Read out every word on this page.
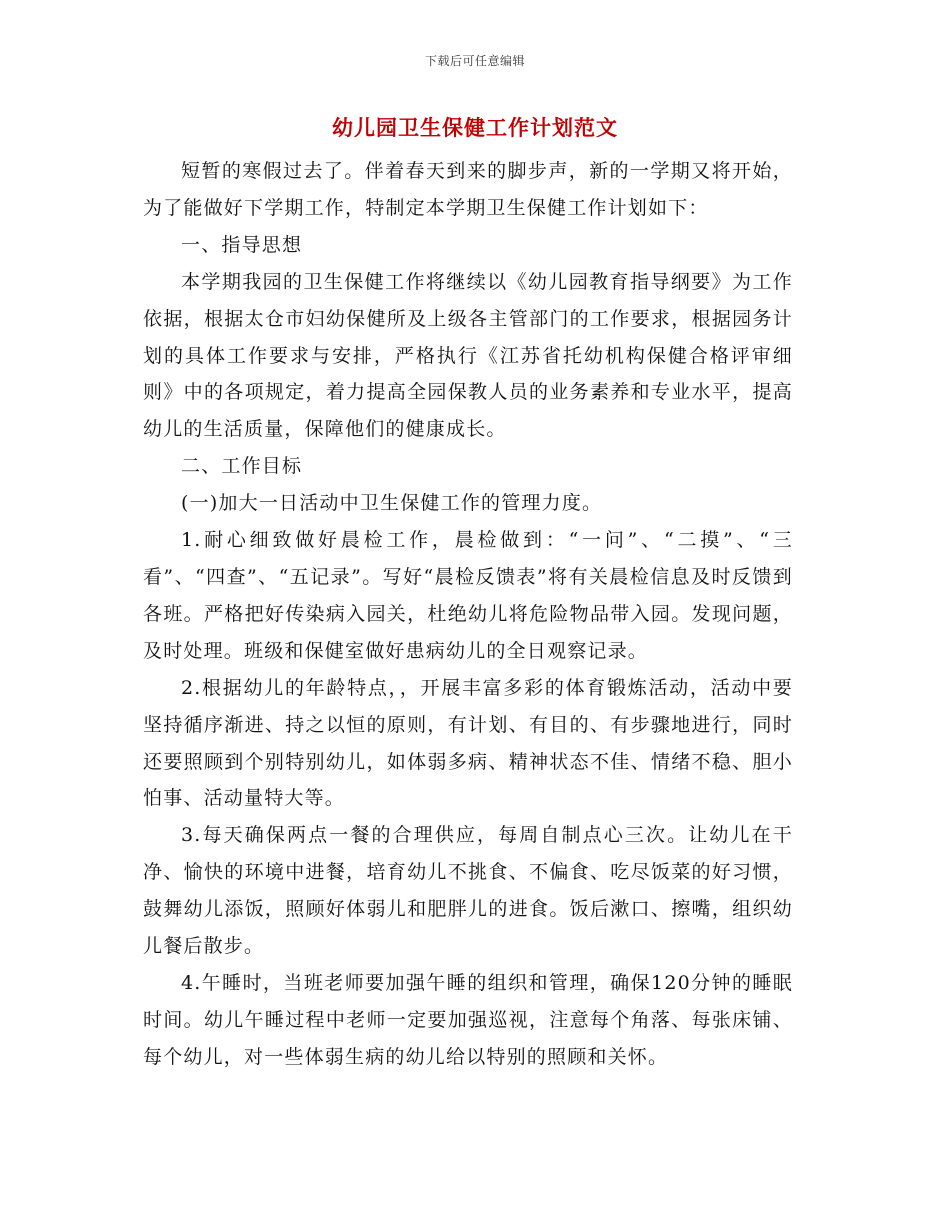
下载后可任意编辑
幼儿园卫生保健工作计划范文

短暂的寒假过去了。伴着春天到来的脚步声，新的一学期又将开始，为了能做好下学期工作，特制定本学期卫生保健工作计划如下：

一、指导思想

本学期我园的卫生保健工作将继续以《幼儿园教育指导纲要》为工作依据，根据太仓市妇幼保健所及上级各主管部门的工作要求，根据园务计划的具体工作要求与安排，严格执行《江苏省托幼机构保健合格评审细则》中的各项规定，着力提高全园保教人员的业务素养和专业水平，提高幼儿的生活质量，保障他们的健康成长。

二、工作目标

(一)加大一日活动中卫生保健工作的管理力度。

1.耐心细致做好晨检工作，晨检做到：“一问”、“二摸”、“三看”、“四查”、“五记录”。写好“晨检反馈表”将有关晨检信息及时反馈到各班。严格把好传染病入园关，杜绝幼儿将危险物品带入园。发现问题，及时处理。班级和保健室做好患病幼儿的全日观察记录。

2.根据幼儿的年龄特点，，开展丰富多彩的体育锻炼活动，活动中要坚持循序渐进、持之以恒的原则，有计划、有目的、有步骤地进行，同时还要照顾到个别特别幼儿，如体弱多病、精神状态不佳、情绪不稳、胆小怕事、活动量特大等。

3.每天确保两点一餐的合理供应，每周自制点心三次。让幼儿在干净、愉快的环境中进餐，培育幼儿不挑食、不偏食、吃尽饭菜的好习惯，鼓舞幼儿添饭，照顾好体弱儿和肥胖儿的进食。饭后漱口、擦嘴，组织幼儿餐后散步。

4.午睡时，当班老师要加强午睡的组织和管理，确保120分钟的睡眠时间。幼儿午睡过程中老师一定要加强巡视，注意每个角落、每张床铺、每个幼儿，对一些体弱生病的幼儿给以特别的照顾和关怀。
